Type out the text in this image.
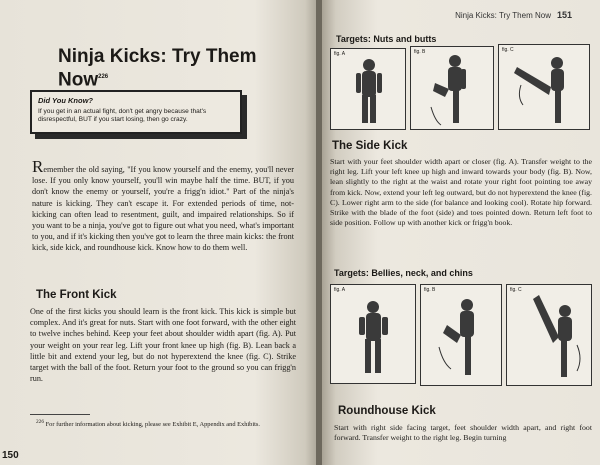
Ninja Kicks: Try Them Now$^{226}$
Did You Know?
If you get in an actual fight, don't get angry because that's disrespectful, BUT if you start losing, then go crazy.
Remember the old saying, "If you know yourself and the enemy, you'll never lose. If you only know yourself, you'll win maybe half the time. BUT, if you don't know the enemy or yourself, you're a frigg'n idiot." Part of the ninja's nature is kicking. They can't escape it. For extended periods of time, not-kicking can often lead to resentment, guilt, and impaired relationships. So if you want to be a ninja, you've got to figure out what you need, what's important to you, and if it's kicking then you've got to learn the three main kicks: the front kick, side kick, and roundhouse kick. Know how to do them well.
The Front Kick
One of the first kicks you should learn is the front kick. This kick is simple but complex. And it's great for nuts. Start with one foot forward, with the other eight to twelve inches behind. Keep your feet about shoulder width apart (fig. A). Put your weight on your rear leg. Lift your front knee up high (fig. B). Lean back a little bit and extend your leg, but do not hyperextend the knee (fig. C). Strike target with the ball of the foot. Return your foot to the ground so you can frigg'n run.
$^{226}$ For further information about kicking, please see Exhibit E, Appendix and Exhibits.
150
Ninja Kicks: Try Them Now 151
Targets: Nuts and butts
fig. A	fig. B	fig. C
The Side Kick
Start with your feet shoulder width apart or closer (fig. A). Transfer weight to the right leg. Lift your left knee up high and inward towards your body (fig. B). Now, lean slightly to the right at the waist and rotate your right foot pointing toe away from kick. Now, extend your left leg outward, but do not hyperextend the knee (fig. C). Lower right arm to the side (for balance and looking cool). Rotate hip forward. Strike with the blade of the foot (side) and toes pointed down. Return left foot to side position. Follow up with another kick or frigg'n book.
Targets: Bellies, neck, and chins
fig. A	fig. B	fig. C
Roundhouse Kick
Start with right side facing target, feet shoulder width apart, and right foot forward. Transfer weight to the right leg. Begin turning
